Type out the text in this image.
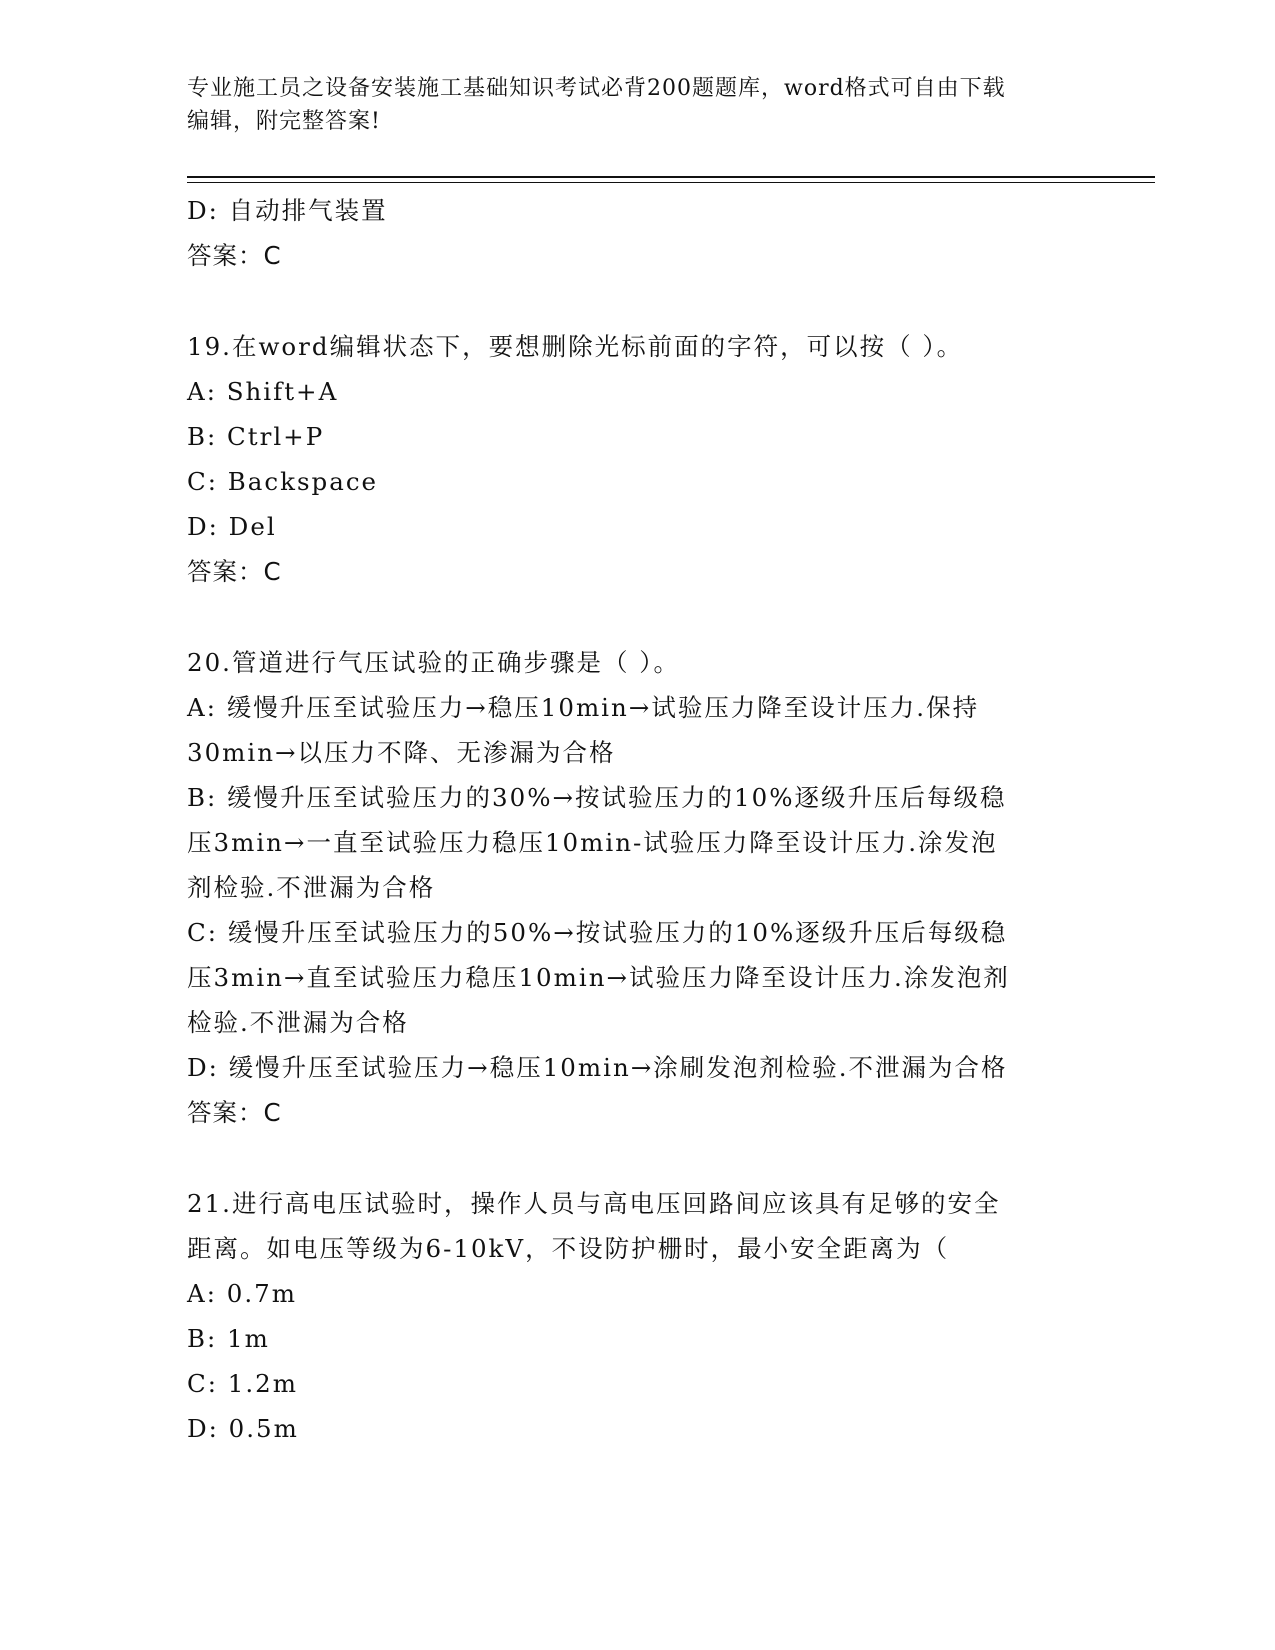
专业施工员之设备安装施工基础知识考试必背200题题库，word格式可自由下载
编辑，附完整答案!
D: 自动排气装置
答案：C
19.在word编辑状态下，要想删除光标前面的字符，可以按（ ）。
A: Shift+A
B: Ctrl+P
C: Backspace
D: Del
答案：C
20.管道进行气压试验的正确步骤是（ ）。
A: 缓慢升压至试验压力→稳压10min→试验压力降至设计压力.保持
30min→以压力不降、无渗漏为合格
B: 缓慢升压至试验压力的30%→按试验压力的10%逐级升压后每级稳
压3min→一直至试验压力稳压10min-试验压力降至设计压力.涂发泡
剂检验.不泄漏为合格
C: 缓慢升压至试验压力的50%→按试验压力的10%逐级升压后每级稳
压3min→直至试验压力稳压10min→试验压力降至设计压力.涂发泡剂
检验.不泄漏为合格
D: 缓慢升压至试验压力→稳压10min→涂刷发泡剂检验.不泄漏为合格
答案：C
21.进行高电压试验时，操作人员与高电压回路间应该具有足够的安全
距离。如电压等级为6-10kV，不设防护栅时，最小安全距离为（
A: 0.7m
B: 1m
C: 1.2m
D: 0.5m
